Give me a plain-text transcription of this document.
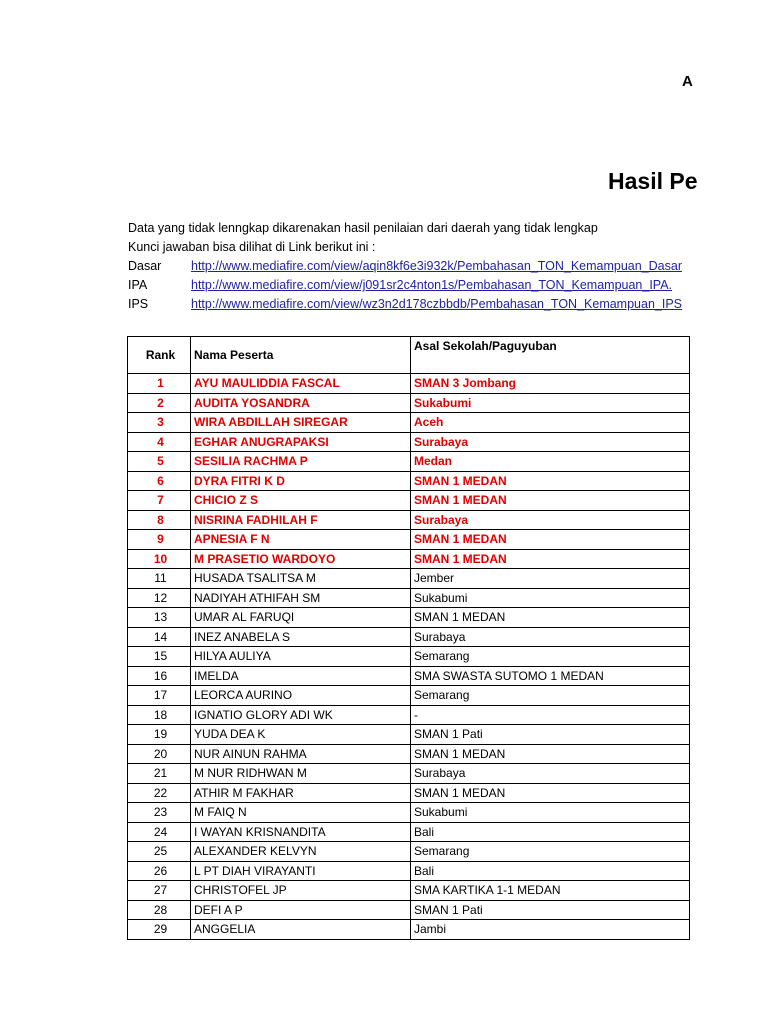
A
Hasil Pe
Data yang tidak lenngkap dikarenakan hasil penilaian dari daerah yang tidak lengkap
Kunci jawaban bisa dilihat di Link berikut ini :
Dasar http://www.mediafire.com/view/aqin8kf6e3i932k/Pembahasan_TON_Kemampuan_Dasar
IPA	http://www.mediafire.com/view/j091sr2c4nton1s/Pembahasan_TON_Kemampuan_IPA.
IPS	http://www.mediafire.com/view/wz3n2d178czbbdb/Pembahasan_TON_Kemampuan_IPS
Rank	Nama Peserta	Asal Sekolah/Paguyuban
1	AYU MAULIDDIA FASCAL	SMAN 3 Jombang
2	AUDITA YOSANDRA	Sukabumi
3	WIRA ABDILLAH SIREGAR	Aceh
4	EGHAR ANUGRAPAKSI	Surabaya
5	SESILIA RACHMA P	Medan
6	DYRA FITRI K D	SMAN 1 MEDAN
7	CHICIO Z S	SMAN 1 MEDAN
8	NISRINA FADHILAH F	Surabaya
9	APNESIA F N	SMAN 1 MEDAN
10	M PRASETIO WARDOYO	SMAN 1 MEDAN
11	HUSADA TSALITSA M	Jember
12	NADIYAH ATHIFAH SM	Sukabumi
13	UMAR AL FARUQI	SMAN 1 MEDAN
14	INEZ ANABELA S	Surabaya
15	HILYA AULIYA	Semarang
16	IMELDA	SMA SWASTA SUTOMO 1 MEDAN
17	LEORCA AURINO	Semarang
18	IGNATIO GLORY ADI WK	-
19	YUDA DEA K	SMAN 1 Pati
20	NUR AINUN RAHMA	SMAN 1 MEDAN
21	M NUR RIDHWAN M	Surabaya
22	ATHIR M FAKHAR	SMAN 1 MEDAN
23	M FAIQ N	Sukabumi
24	I WAYAN KRISNANDITA	Bali
25	ALEXANDER KELVYN	Semarang
26	L PT DIAH VIRAYANTI	Bali
27	CHRISTOFEL JP	SMA KARTIKA 1-1 MEDAN
28	DEFI A P	SMAN 1 Pati
29	ANGGELIA	Jambi
